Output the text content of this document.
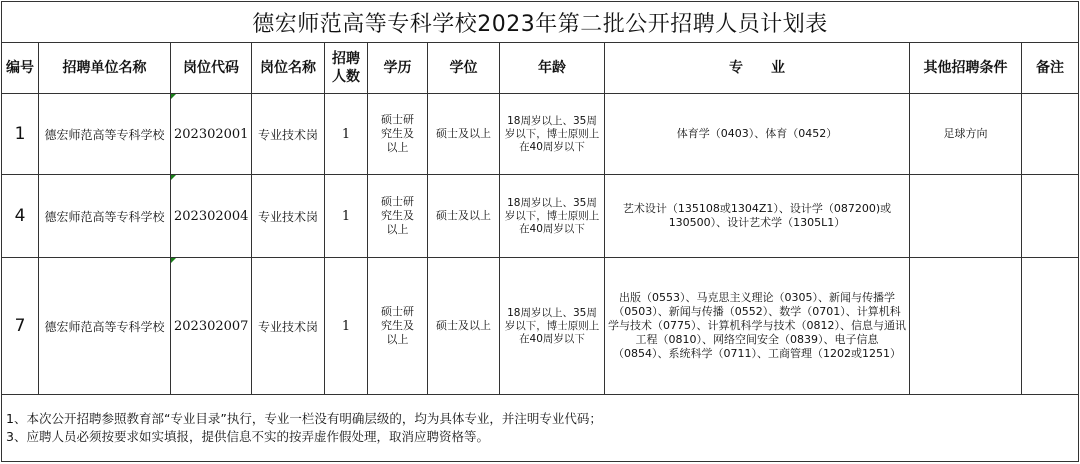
德宏师范高等专科学校2023年第二批公开招聘人员计划表										
编号	招聘单位名称	岗位代码	岗位名称	招聘人数	学历	学位	年龄	专　　业	其他招聘条件	备注
1	德宏师范高等专科学校	202302001	专业技术岗	1	硕士研究生及以上	硕士及以上	18周岁以上、35周岁以下，博士原则上在40周岁以下	体育学（0403）、体育（0452）	足球方向	
4	德宏师范高等专科学校	202302004	专业技术岗	1	硕士研究生及以上	硕士及以上	18周岁以上、35周岁以下，博士原则上在40周岁以下	艺术设计（135108或1304Z1）、设计学（087200)或130500）、设计艺术学（1305L1）		
7	德宏师范高等专科学校	202302007	专业技术岗	1	硕士研究生及以上	硕士及以上	18周岁以上、35周岁以下，博士原则上在40周岁以下	出版（0553）、马克思主义理论（0305）、新闻与传播学（0503）、新闻与传播（0552）、数学（0701）、计算机科学与技术（0775）、计算机科学与技术（0812）、信息与通讯工程（0810）、网络空间安全（0839）、电子信息（0854）、系统科学（0711）、工商管理（1202或1251）		

1、本次公开招聘参照教育部“专业目录”执行，专业一栏没有明确层级的，均为具体专业，并注明专业代码；
3、应聘人员必须按要求如实填报，提供信息不实的按弄虚作假处理，取消应聘资格等。										
